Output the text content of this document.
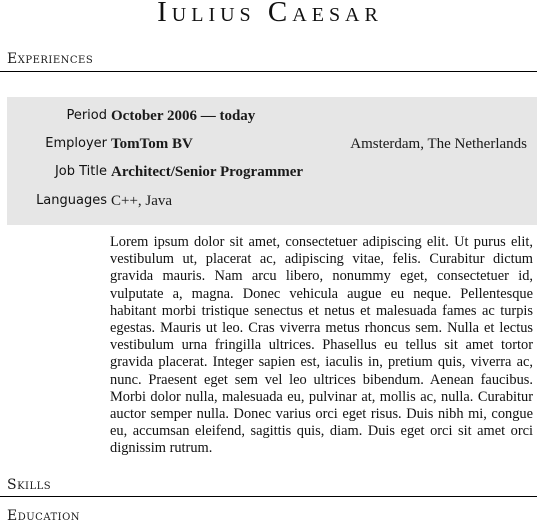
Iulius Caesar
Experiences
Period October 2006 — today
Employer TomTom BV	Amsterdam, The Netherlands
Job Title Architect/Senior Programmer
Languages C++, Java
Lorem ipsum dolor sit amet, consectetuer adipiscing elit. Ut purus elit, vestibulum ut, placerat ac, adipiscing vitae, felis. Curabitur dictum gravida mauris. Nam arcu libero, nonummy eget, consectetuer id, vulputate a, magna. Donec vehicula augue eu neque. Pellentesque habitant morbi tristique senectus et netus et malesuada fames ac turpis egestas. Mauris ut leo. Cras viverra metus rhoncus sem. Nulla et lectus vestibulum urna fringilla ultrices. Phasellus eu tellus sit amet tortor gravida placerat. Integer sapien est, iaculis in, pretium quis, viverra ac, nunc. Praesent eget sem vel leo ultrices bibendum. Aenean faucibus. Morbi dolor nulla, malesuada eu, pulvinar at, mollis ac, nulla. Curabitur auctor semper nulla. Donec varius orci eget risus. Duis nibh mi, congue eu, accumsan eleifend, sagittis quis, diam. Duis eget orci sit amet orci dignissim rutrum.
Skills
Education
